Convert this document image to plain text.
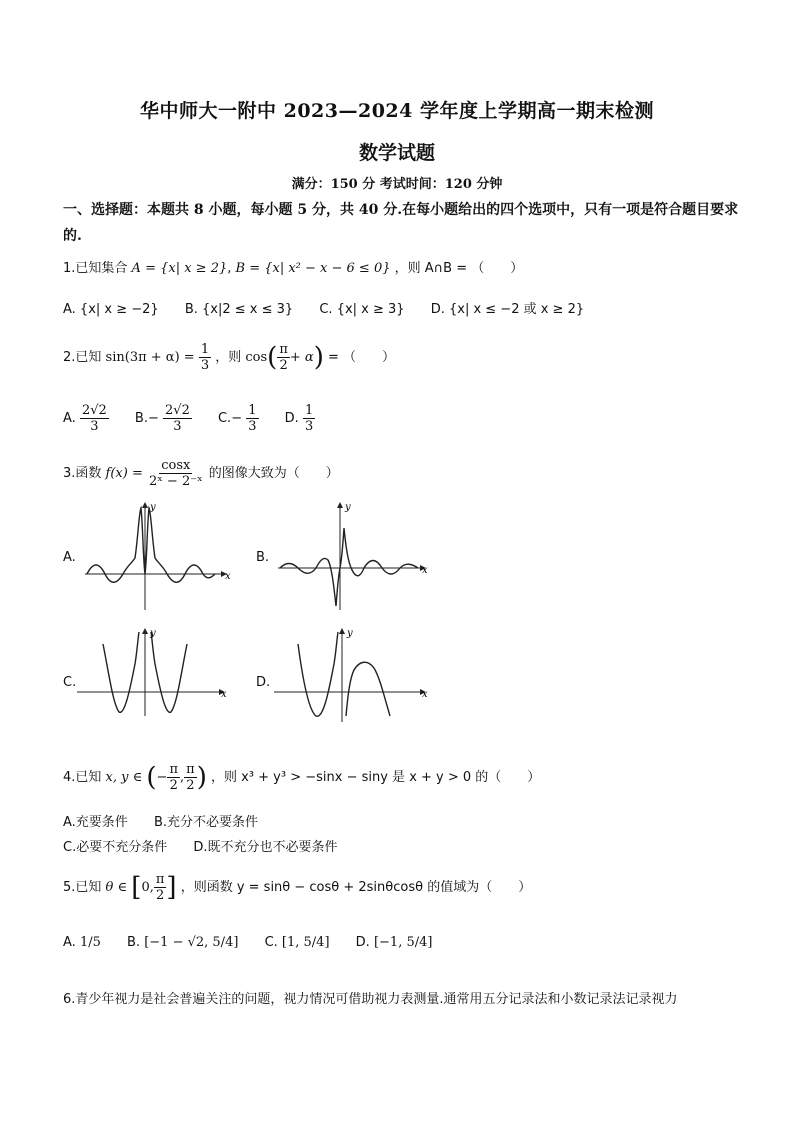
华中师大一附中 2023—2024 学年度上学期高一期末检测
数学试题
满分：150 分 考试时间：120 分钟
一、选择题：本题共 8 小题，每小题 5 分，共 40 分.在每小题给出的四个选项中，只有一项是符合题目要求的.
1.已知集合 A = {x| x ≥ 2}, B = {x| x² − x − 6 ≤ 0} ，则 A∩B = （　　）
A. {x| x ≥ −2} B. {x|2 ≤ x ≤ 3} C. {x| x ≥ 3} D. {x| x ≤ −2 或 x ≥ 2}
2.已知 $\sin(3\pi + \alpha) = \frac{1}{3}$ ，则 $\cos( \frac{\pi}{2} + \alpha)$ = （　　）
A. $\frac{2√2}{3} B.- \frac{2√2}{3} C.- \frac{1}{3} D$. $\frac{1}{3}$
3.函数 $f(x) = \frac{\cos x}{\text{2ˣ − 2⁻ˣ}}$ 的图像大致为（　　）
A.	B.
C.	D.
x
y
x
y
x
y
x
y
4.已知 x, y ∈ (− $\frac{\pi}{2}$ , $\frac{\pi}{2}$ ) ，则 x³ + y³ > −sinx − siny 是 x + y > 0 的（　　）
A.充要条件 B.充分不必要条件
C.必要不充分条件 D.既不充分也不必要条件
5.已知 θ ∈ [0, $\frac{\pi}{2}$ ] ，则函数 y = sinθ − cosθ + 2sinθcosθ 的值域为（　　）
A. 1/5 B. [−1 − √2, 5/4] C. [1, 5/4] D. [−1, 5/4]
6.青少年视力是社会普遍关注的问题，视力情况可借助视力表测量.通常用五分记录法和小数记录法记录视力
